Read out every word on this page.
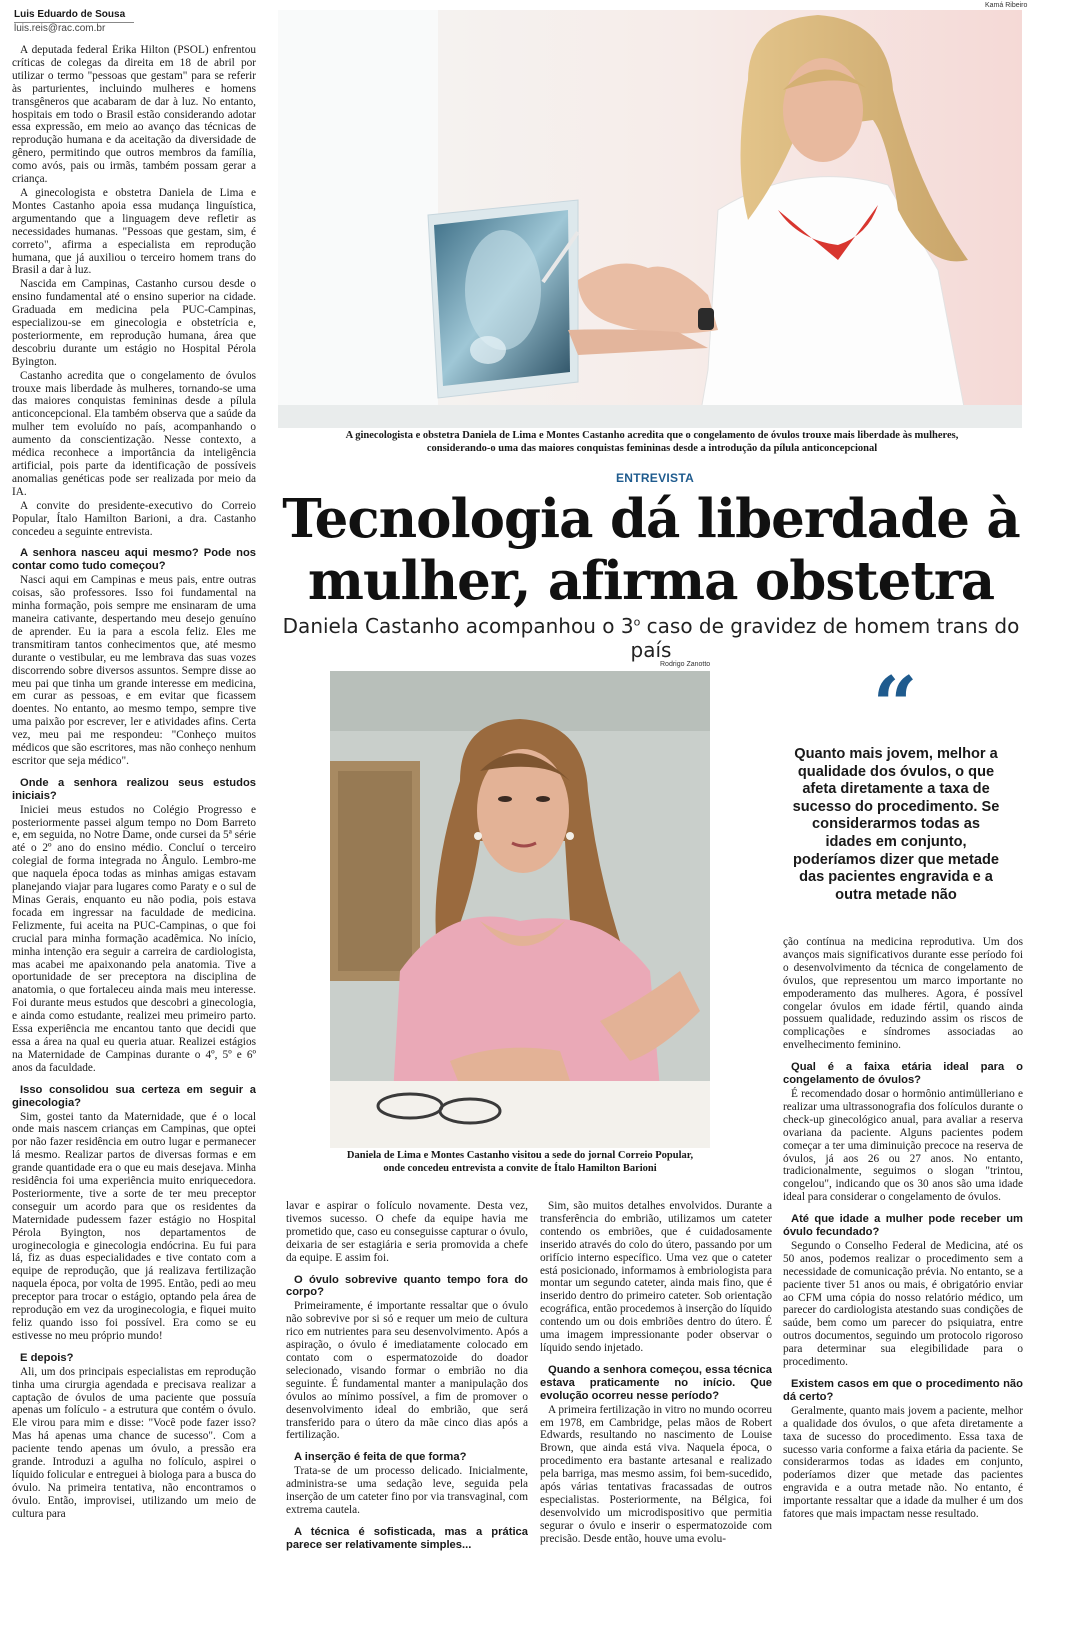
Luis Eduardo de Sousa
luis.reis@rac.com.br

A deputada federal Érika Hilton (PSOL) enfrentou críticas de colegas da direita em 18 de abril por utilizar o termo "pessoas que gestam" para se referir às parturientes, incluindo mulheres e homens transgêneros que acabaram de dar à luz. No entanto, hospitais em todo o Brasil estão considerando adotar essa expressão, em meio ao avanço das técnicas de reprodução humana e da aceitação da diversidade de gênero, permitindo que outros membros da família, como avós, pais ou irmãs, também possam gerar a criança.

A ginecologista e obstetra Daniela de Lima e Montes Castanho apoia essa mudança linguística, argumentando que a linguagem deve refletir as necessidades humanas. "Pessoas que gestam, sim, é correto", afirma a especialista em reprodução humana, que já auxiliou o terceiro homem trans do Brasil a dar à luz.

Nascida em Campinas, Castanho cursou desde o ensino fundamental até o ensino superior na cidade. Graduada em medicina pela PUC-Campinas, especializou-se em ginecologia e obstetrícia e, posteriormente, em reprodução humana, área que descobriu durante um estágio no Hospital Pérola Byington.

Castanho acredita que o congelamento de óvulos trouxe mais liberdade às mulheres, tornando-se uma das maiores conquistas femininas desde a pílula anticoncepcional. Ela também observa que a saúde da mulher tem evoluído no país, acompanhando o aumento da conscientização. Nesse contexto, a médica reconhece a importância da inteligência artificial, pois parte da identificação de possíveis anomalias genéticas pode ser realizada por meio da IA.

A convite do presidente-executivo do Correio Popular, Ítalo Hamilton Barioni, a dra. Castanho concedeu a seguinte entrevista.

A senhora nasceu aqui mesmo? Pode nos contar como tudo começou?

Nasci aqui em Campinas e meus pais, entre outras coisas, são professores. Isso foi fundamental na minha formação, pois sempre me ensinaram de uma maneira cativante, despertando meu desejo genuíno de aprender. Eu ia para a escola feliz. Eles me transmitiram tantos conhecimentos que, até mesmo durante o vestibular, eu me lembrava das suas vozes discorrendo sobre diversos assuntos. Sempre disse ao meu pai que tinha um grande interesse em medicina, em curar as pessoas, e em evitar que ficassem doentes. No entanto, ao mesmo tempo, sempre tive uma paixão por escrever, ler e atividades afins. Certa vez, meu pai me respondeu: "Conheço muitos médicos que são escritores, mas não conheço nenhum escritor que seja médico".

Onde a senhora realizou seus estudos iniciais?

Iniciei meus estudos no Colégio Progresso e posteriormente passei algum tempo no Dom Barreto e, em seguida, no Notre Dame, onde cursei da 5ª série até o 2º ano do ensino médio. Concluí o terceiro colegial de forma integrada no Ângulo. Lembro-me que naquela época todas as minhas amigas estavam planejando viajar para lugares como Paraty e o sul de Minas Gerais, enquanto eu não podia, pois estava focada em ingressar na faculdade de medicina. Felizmente, fui aceita na PUC-Campinas, o que foi crucial para minha formação acadêmica. No início, minha intenção era seguir a carreira de cardiologista, mas acabei me apaixonando pela anatomia. Tive a oportunidade de ser preceptora na disciplina de anatomia, o que fortaleceu ainda mais meu interesse. Foi durante meus estudos que descobri a ginecologia, e ainda como estudante, realizei meu primeiro parto. Essa experiência me encantou tanto que decidi que essa a área na qual eu queria atuar. Realizei estágios na Maternidade de Campinas durante o 4º, 5º e 6º anos da faculdade.

Isso consolidou sua certeza em seguir a ginecologia?

Sim, gostei tanto da Maternidade, que é o local onde mais nascem crianças em Campinas, que optei por não fazer residência em outro lugar e permanecer lá mesmo. Realizar partos de diversas formas e em grande quantidade era o que eu mais desejava. Minha residência foi uma experiência muito enriquecedora. Posteriormente, tive a sorte de ter meu preceptor conseguir um acordo para que os residentes da Maternidade pudessem fazer estágio no Hospital Pérola Byington, nos departamentos de uroginecologia e ginecologia endócrina. Eu fui para lá, fiz as duas especialidades e tive contato com a equipe de reprodução, que já realizava fertilização naquela época, por volta de 1995. Então, pedi ao meu preceptor para trocar o estágio, optando pela área de reprodução em vez da uroginecologia, e fiquei muito feliz quando isso foi possível. Era como se eu estivesse no meu próprio mundo!

E depois?

Ali, um dos principais especialistas em reprodução tinha uma cirurgia agendada e precisava realizar a captação de óvulos de uma paciente que possuía apenas um folículo - a estrutura que contém o óvulo. Ele virou para mim e disse: "Você pode fazer isso? Mas há apenas uma chance de sucesso". Com a paciente tendo apenas um óvulo, a pressão era grande. Introduzi a agulha no folículo, aspirei o líquido folicular e entreguei à biologa para a busca do óvulo. Na primeira tentativa, não encontramos o óvulo. Então, improvisei, utilizando um meio de cultura para

Kamá Ribeiro
A ginecologista e obstetra Daniela de Lima e Montes Castanho acredita que o congelamento de óvulos trouxe mais liberdade às mulheres,
considerando-o uma das maiores conquistas femininas desde a introdução da pílula anticoncepcional
ENTREVISTA
Tecnologia dá liberdade à
mulher, afirma obstetra
Daniela Castanho acompanhou o 3$^o$ caso de gravidez de homem trans do país
Rodrigo Zanotto
Daniela de Lima e Montes Castanho visitou a sede do jornal Correio Popular,
onde concedeu entrevista a convite de Ítalo Hamilton Barioni
“
Quanto mais jovem, melhor a qualidade dos óvulos, o que afeta diretamente a taxa de sucesso do procedimento. Se considerarmos todas as idades em conjunto, poderíamos dizer que metade das pacientes engravida e a outra metade não

lavar e aspirar o folículo novamente. Desta vez, tivemos sucesso. O chefe da equipe havia me prometido que, caso eu conseguisse capturar o óvulo, deixaria de ser estagiária e seria promovida a chefe da equipe. E assim foi.

O óvulo sobrevive quanto tempo fora do corpo?

Primeiramente, é importante ressaltar que o óvulo não sobrevive por si só e requer um meio de cultura rico em nutrientes para seu desenvolvimento. Após a aspiração, o óvulo é imediatamente colocado em contato com o espermatozoide do doador selecionado, visando formar o embrião no dia seguinte. É fundamental manter a manipulação dos óvulos ao mínimo possível, a fim de promover o desenvolvimento ideal do embrião, que será transferido para o útero da mãe cinco dias após a fertilização.

A inserção é feita de que forma?

Trata-se de um processo delicado. Inicialmente, administra-se uma sedação leve, seguida pela inserção de um cateter fino por via transvaginal, com extrema cautela.

A técnica é sofisticada, mas a prática parece ser relativamente simples...

Sim, são muitos detalhes envolvidos. Durante a transferência do embrião, utilizamos um cateter contendo os embriões, que é cuidadosamente inserido através do colo do útero, passando por um orifício interno específico. Uma vez que o cateter está posicionado, informamos à embriologista para montar um segundo cateter, ainda mais fino, que é inserido dentro do primeiro cateter. Sob orientação ecográfica, então procedemos à inserção do líquido contendo um ou dois embriões dentro do útero. É uma imagem impressionante poder observar o líquido sendo injetado.

Quando a senhora começou, essa técnica estava praticamente no início. Que evolução ocorreu nesse período?

A primeira fertilização in vitro no mundo ocorreu em 1978, em Cambridge, pelas mãos de Robert Edwards, resultando no nascimento de Louise Brown, que ainda está viva. Naquela época, o procedimento era bastante artesanal e realizado pela barriga, mas mesmo assim, foi bem-sucedido, após várias tentativas fracassadas de outros especialistas. Posteriormente, na Bélgica, foi desenvolvido um microdispositivo que permitia segurar o óvulo e inserir o espermatozoide com precisão. Desde então, houve uma evolu-

ção contínua na medicina reprodutiva. Um dos avanços mais significativos durante esse período foi o desenvolvimento da técnica de congelamento de óvulos, que representou um marco importante no empoderamento das mulheres. Agora, é possível congelar óvulos em idade fértil, quando ainda possuem qualidade, reduzindo assim os riscos de complicações e síndromes associadas ao envelhecimento feminino.

Qual é a faixa etária ideal para o congelamento de óvulos?

É recomendado dosar o hormônio antimülleriano e realizar uma ultrassonografia dos folículos durante o check-up ginecológico anual, para avaliar a reserva ovariana da paciente. Alguns pacientes podem começar a ter uma diminuição precoce na reserva de óvulos, já aos 26 ou 27 anos. No entanto, tradicionalmente, seguimos o slogan "trintou, congelou", indicando que os 30 anos são uma idade ideal para considerar o congelamento de óvulos.

Até que idade a mulher pode receber um óvulo fecundado?

Segundo o Conselho Federal de Medicina, até os 50 anos, podemos realizar o procedimento sem a necessidade de comunicação prévia. No entanto, se a paciente tiver 51 anos ou mais, é obrigatório enviar ao CFM uma cópia do nosso relatório médico, um parecer do cardiologista atestando suas condições de saúde, bem como um parecer do psiquiatra, entre outros documentos, seguindo um protocolo rigoroso para determinar sua elegibilidade para o procedimento.

Existem casos em que o procedimento não dá certo?

Geralmente, quanto mais jovem a paciente, melhor a qualidade dos óvulos, o que afeta diretamente a taxa de sucesso do procedimento. Essa taxa de sucesso varia conforme a faixa etária da paciente. Se considerarmos todas as idades em conjunto, poderíamos dizer que metade das pacientes engravida e a outra metade não. No entanto, é importante ressaltar que a idade da mulher é um dos fatores que mais impactam nesse resultado.
